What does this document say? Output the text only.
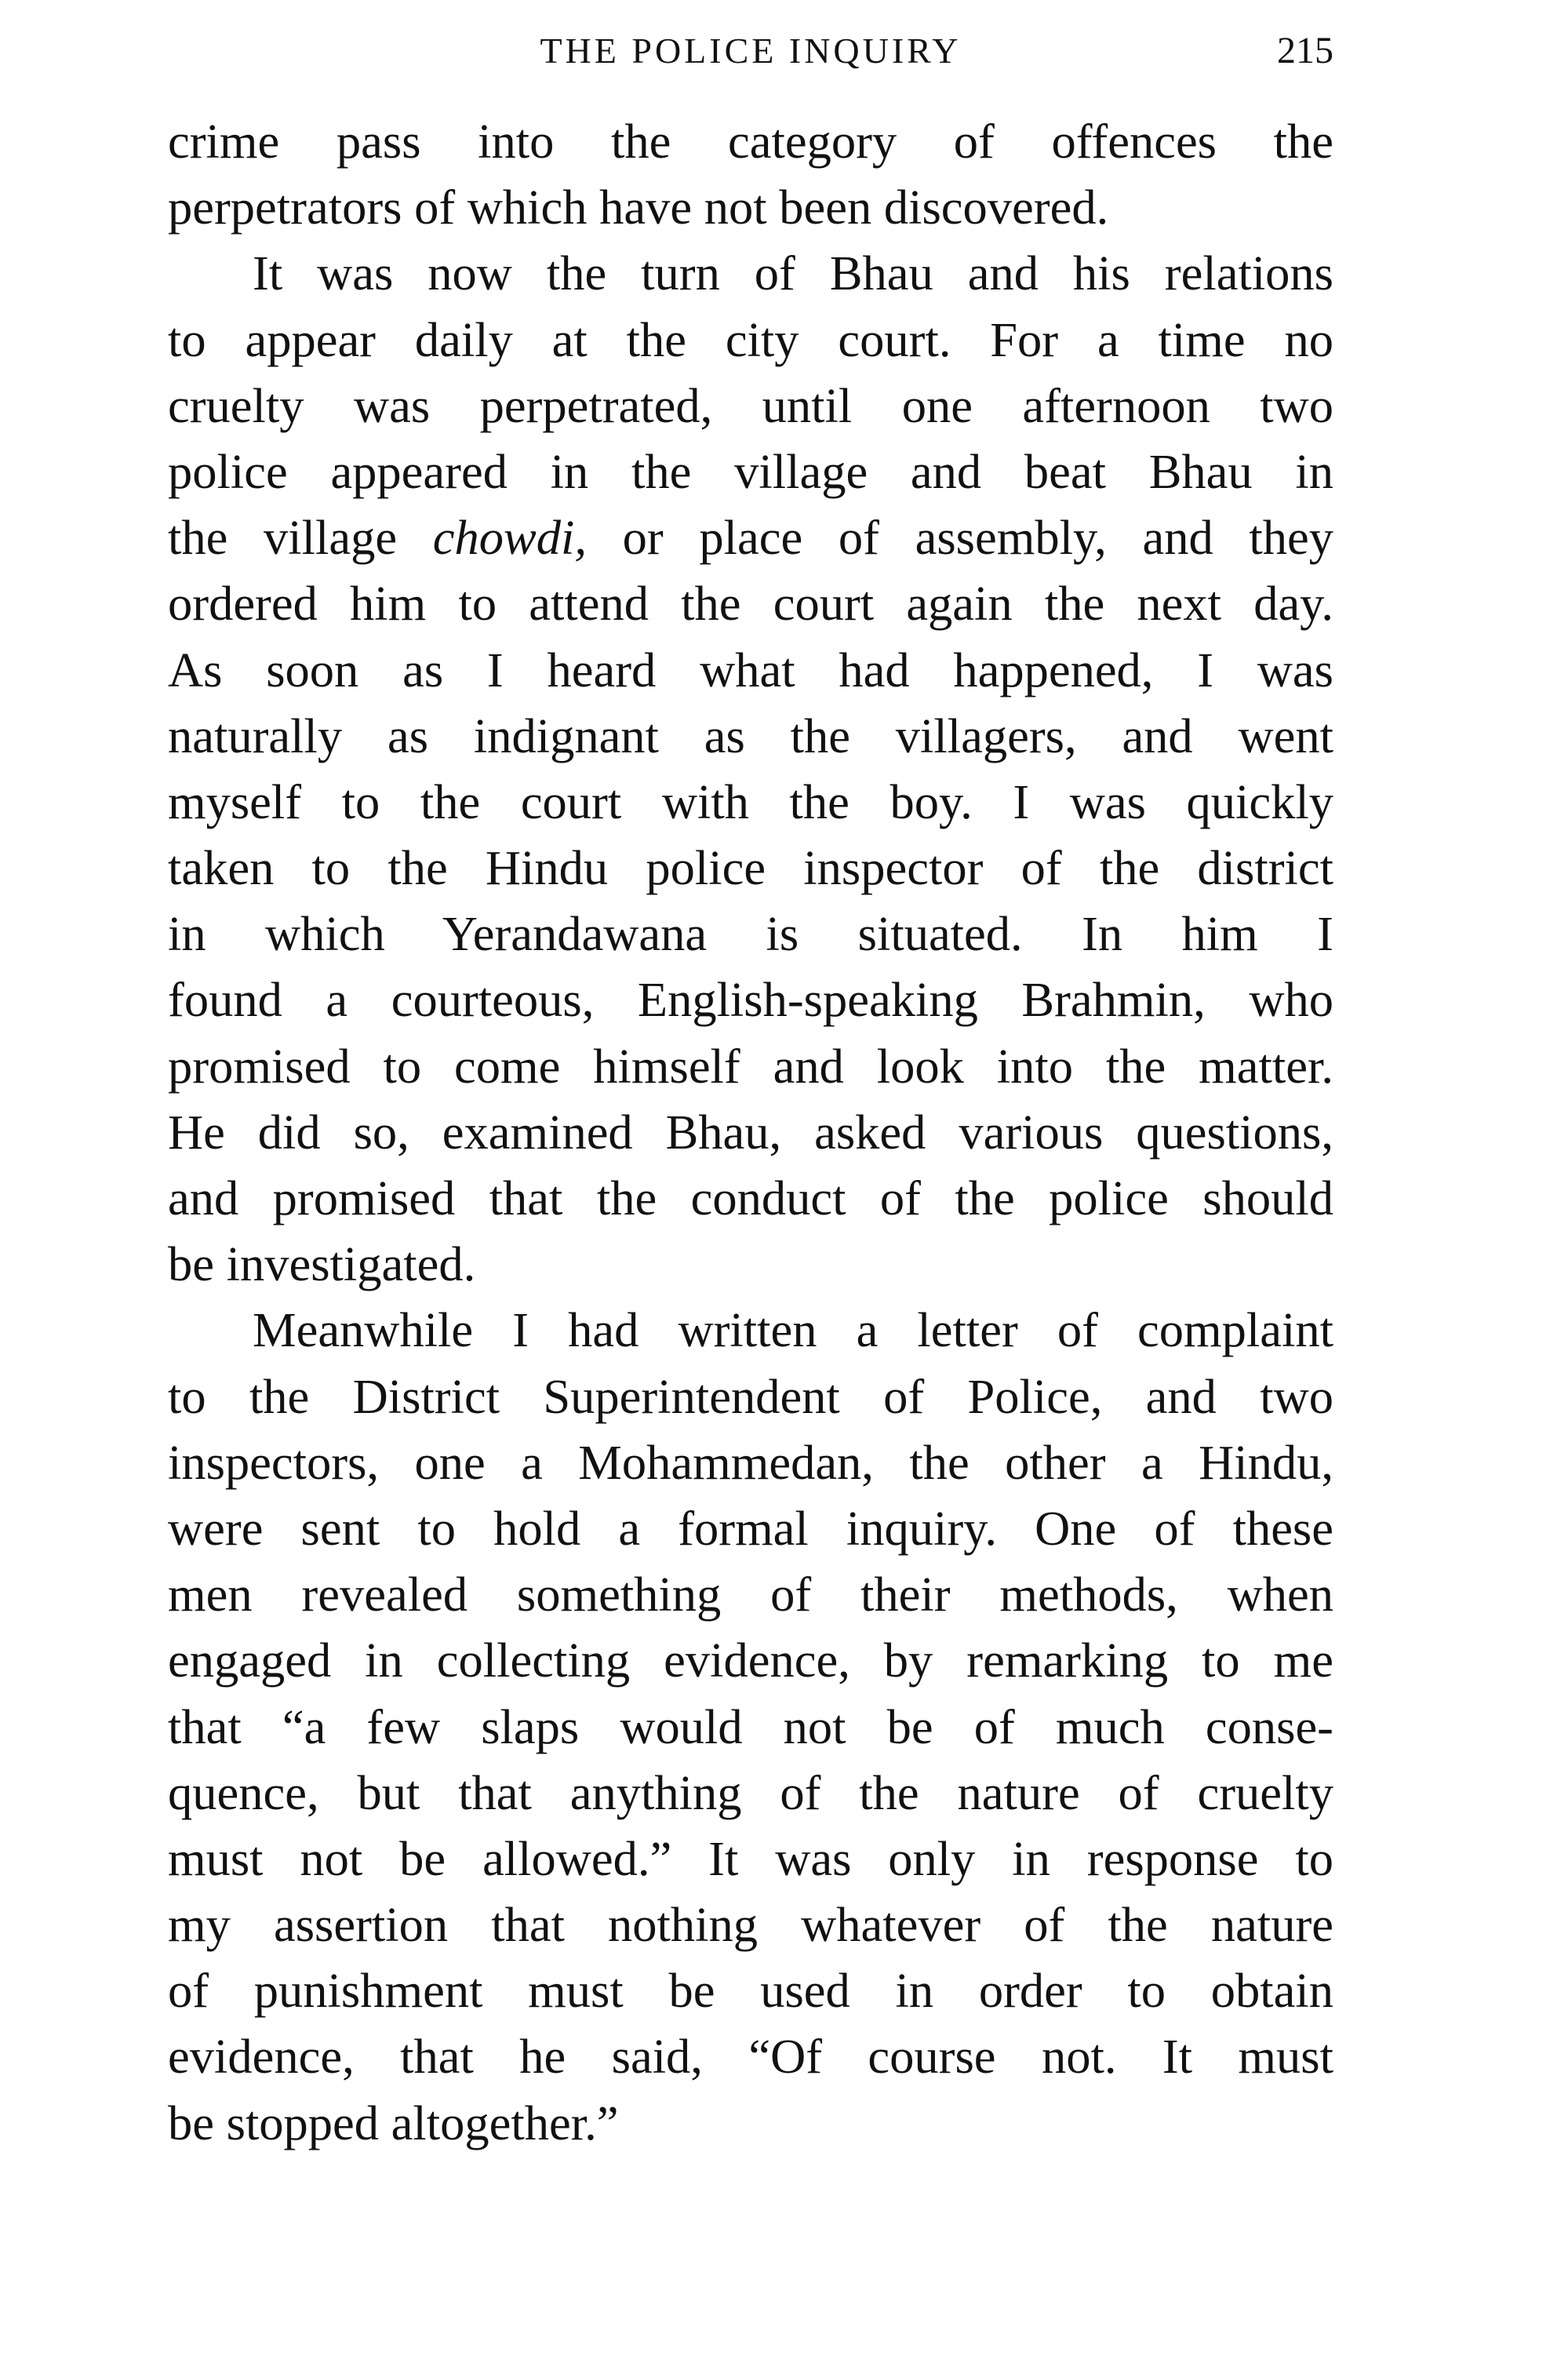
THE POLICE INQUIRY	215
crime pass into the category of offences the
perpetrators of which have not been discovered.
It was now the turn of Bhau and his relations
to appear daily at the city court. For a time no
cruelty was perpetrated, until one afternoon two
police appeared in the village and beat Bhau in
the village chowdi, or place of assembly, and they
ordered him to attend the court again the next day.
As soon as I heard what had happened, I was
naturally as indignant as the villagers, and went
myself to the court with the boy. I was quickly
taken to the Hindu police inspector of the district
in which Yerandawana is situated. In him I
found a courteous, English-speaking Brahmin, who
promised to come himself and look into the matter.
He did so, examined Bhau, asked various questions,
and promised that the conduct of the police should
be investigated.
Meanwhile I had written a letter of complaint
to the District Superintendent of Police, and two
inspectors, one a Mohammedan, the other a Hindu,
were sent to hold a formal inquiry. One of these
men revealed something of their methods, when
engaged in collecting evidence, by remarking to me
that “a few slaps would not be of much conse-
quence, but that anything of the nature of cruelty
must not be allowed.” It was only in response to
my assertion that nothing whatever of the nature
of punishment must be used in order to obtain
evidence, that he said, “Of course not. It must
be stopped altogether.”
